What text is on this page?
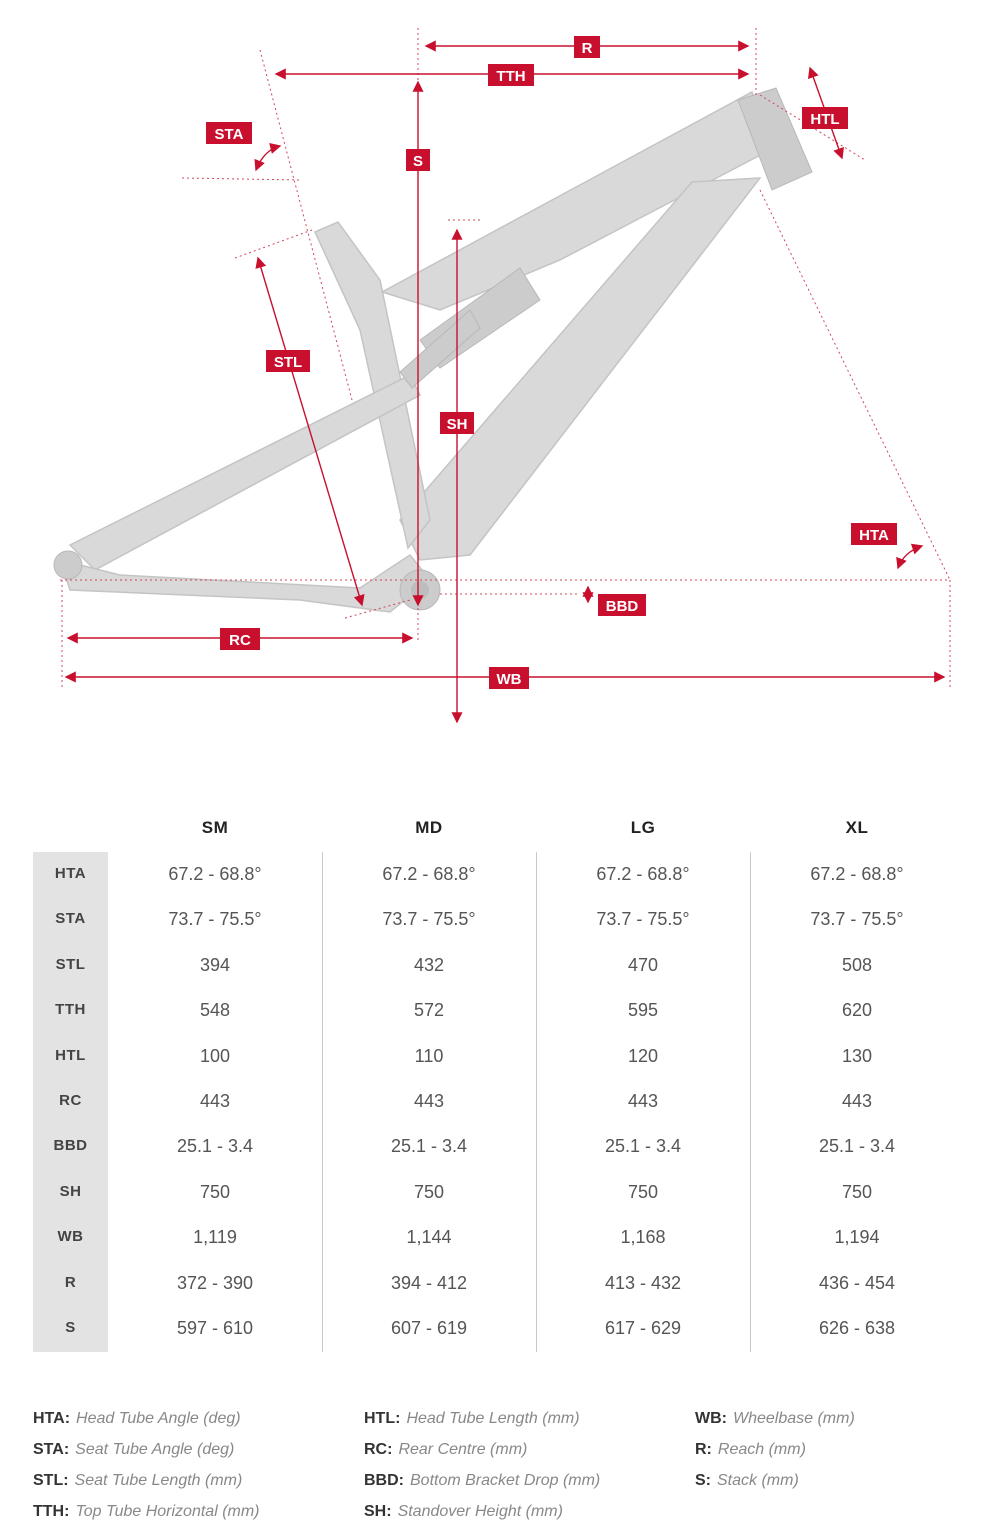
R
TTH
STA
S
HTL
STL
SH
HTA
BBD
RC
WB
SM	MD	LG	XL
HTA	67.2 - 68.8°	67.2 - 68.8°	67.2 - 68.8°	67.2 - 68.8°
STA	73.7 - 75.5°	73.7 - 75.5°	73.7 - 75.5°	73.7 - 75.5°
STL	394	432	470	508
TTH	548	572	595	620
HTL	100	110	120	130
RC	443	443	443	443
BBD	25.1 - 3.4	25.1 - 3.4	25.1 - 3.4	25.1 - 3.4
SH	750	750	750	750
WB	1,119	1,144	1,168	1,194
R	372 - 390	394 - 412	413 - 432	436 - 454
S	597 - 610	607 - 619	617 - 629	626 - 638
HTA: Head Tube Angle (deg)
STA: Seat Tube Angle (deg)
STL: Seat Tube Length (mm)
TTH: Top Tube Horizontal (mm)
HTL: Head Tube Length (mm)
RC: Rear Centre (mm)
BBD: Bottom Bracket Drop (mm)
SH: Standover Height (mm)
WB: Wheelbase (mm)
R: Reach (mm)
S: Stack (mm)
